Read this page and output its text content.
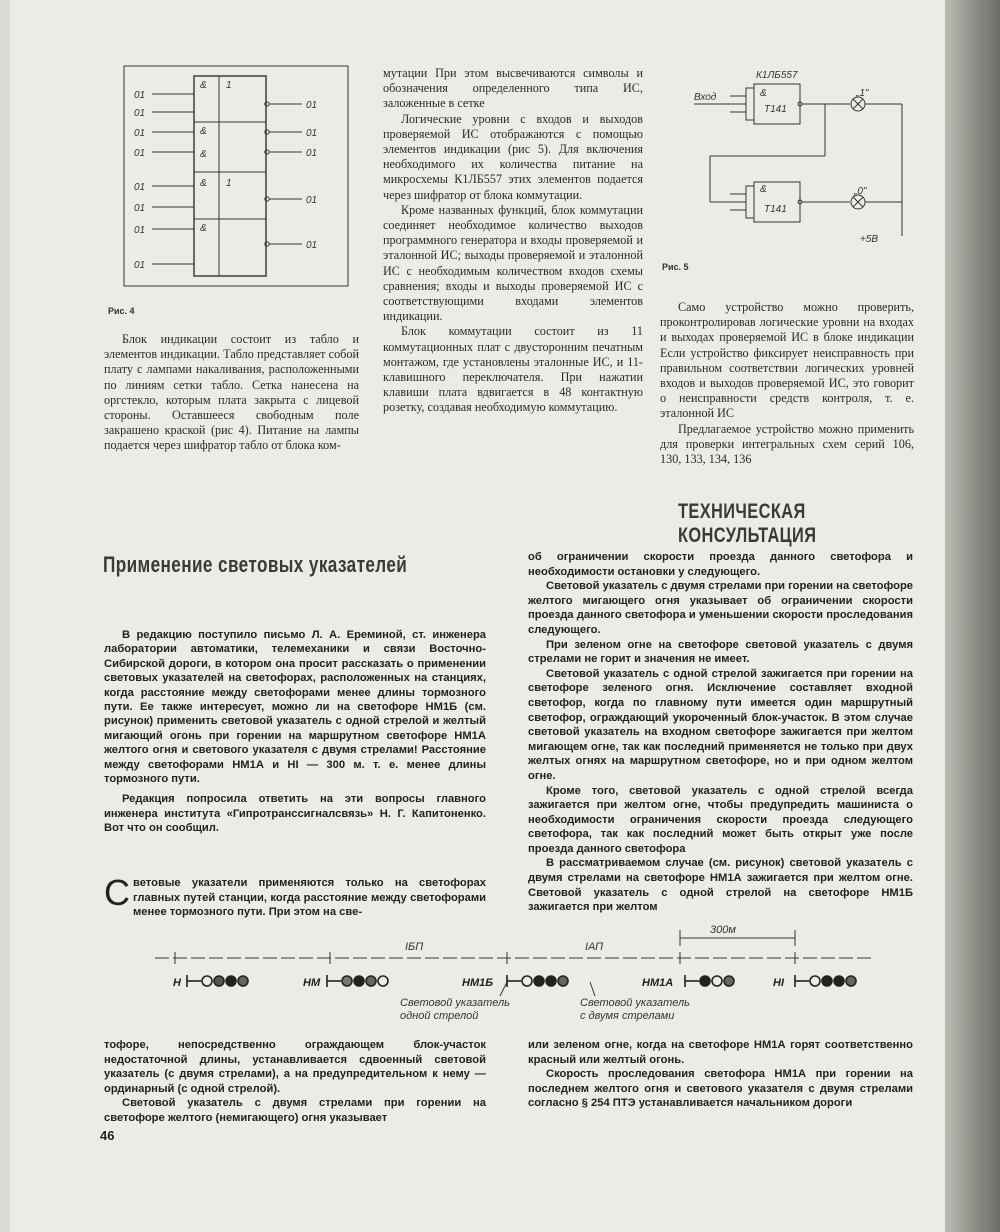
01
01
01
01
01
01
01
01
01
01
01
01
01
& 1
&
&
& 1
&
Рис. 4

Блок индикации состоит из таблo и элементов индикации. Табло представляет собой плату с лампами накаливания, расположенными по линиям сетки табло. Сетка нанесена на оргстекло, которым плата закрыта с лицевой стороны. Оставшееся свободным поле закрашено краской (рис 4). Питание на лампы подается через шифратор табло от блока ком-

мутации При этом высвечиваются символы и обозначения определенного типа ИС, заложенные в сетке

Логические уровни с входов и выходов проверяемой ИС отображаются с помощью элементов индикации (рис 5). Для включения необходимого их количества питание на микросхемы К1ЛБ557 этих элементов подается через шифратор от блока коммутации.

Кроме названных функций, блок коммутации соединяет необходимое количество выходов программного генератора и входы проверяемой и эталонной ИС; выходы проверяемой и эталонной ИС с необходимым количеством входов схемы сравнения; входы и выходы проверяемой ИС с соответствующими входами элементов индикации.

Блок коммутации состоит из 11 коммутационных плат с двусторонним печатным монтажом, где установлены эталонные ИС, и 11-клавишного переключателя. При нажатии клавиши плата вдвигается в 48 контактную розетку, создавая необходимую коммутацию.

К1ЛБ557
Вход	„1"
„0"
+5В
&
Т141
&
Т141
Рис. 5

Само устройство можно проверить, проконтролировав логические уровни на входах и выходах проверяемой ИС в блоке индикации Если устройство фиксирует неисправность при правильном соответствии логических уровней входов и выходов проверяемой ИС, это говорит о неисправности средств контроля, т. е. эталонной ИС

Предлагаемое устройство можно применить для проверки интегральных схем серий 106, 130, 133, 134, 136

ТЕХНИЧЕСКАЯ КОНСУЛЬТАЦИЯ
Применение световых указателей

В редакцию поступило письмо Л. А. Ереминой, ст. инженера лаборатории автоматики, телемеханики и связи Восточно-Сибирской дороги, в котором она просит рассказать о применении световых указателей на светофорах, расположенных на станциях, когда расстояние между светофорами менее длины тормозного пути. Ее также интересует, можно ли на светофоре НМ1Б (см. рисунок) применить световой указатель с одной стрелой и желтый мигающий огонь при горении на маршрутном светофоре НМ1А желтого огня и светового указателя с двумя стрелами! Расстояние между светофорами НМ1А и НI — 300 м. т. е. менее длины тормозного пути.

Редакция попросила ответить на эти вопросы главного инженера института «Гипротранссигналсвязь» Н. Г. Капитоненко. Вот что он сообщил.

С ветовые указатели применяются только на светофорах главных путей станции, когда расстояние между светофорами менее тормозного пути. При этом на све-

об ограничении скорости проезда данного светофора и необходимости остановки у следующего.

Световой указатель с двумя стрелами при горении на светофоре желтого мигающего огня указывает об ограничении скорости проезда данного светофора и уменьшении скорости проследования следующего.

При зеленом огне на светофоре световой указатель с двумя стрелами не горит и значения не имеет.

Световой указатель с одной стрелой зажигается при горении на светофоре зеленого огня. Исключение составляет входной светофор, когда по главному пути имеется один маршрутный светофор, ограждающий укороченный блок-участок. В этом случае световой указатель на входном светофоре зажигается при желтом мигающем огне, так как последний применяется не только при двух желтых огнях на маршрутном светофоре, но и при одном желтом огне.

Кроме того, световой указатель с одной стрелой всегда зажигается при желтом огне, чтобы предупредить машиниста о необходимости ограничения скорости проезда следующего светофора, так как последний может быть открыт уже после проезда данного светофора

В рассматриваемом случае (см. рисунок) световой указатель с двумя стрелами на светофоре НМ1А зажигается при желтом огне. Световой указатель с одной стрелой на светофоре НМ1Б зажигается при желтом

IБП	IАП
300м
Н	НМ	НМ1Б	НМ1А	НI
Световой указатель
одной стрелой
Световой указатель
с двумя стрелами

тофоре, непосредственно ограждающем блок-участок недостаточной длины, устанавливается сдвоенный световой указатель (с двумя стрелами), а на предупредительном к нему — ординарный (с одной стрелой).

Световой указатель с двумя стрелами при горении на светофоре желтого (немигающего) огня указывает

или зеленом огне, когда на светофоре НМ1А горят соответственно красный или желтый огонь.

Скорость проследования светофора НМ1А при горении на последнем желтого огня и светового указателя с двумя стрелами согласно § 254 ПТЭ устанавливается начальником дороги

46
